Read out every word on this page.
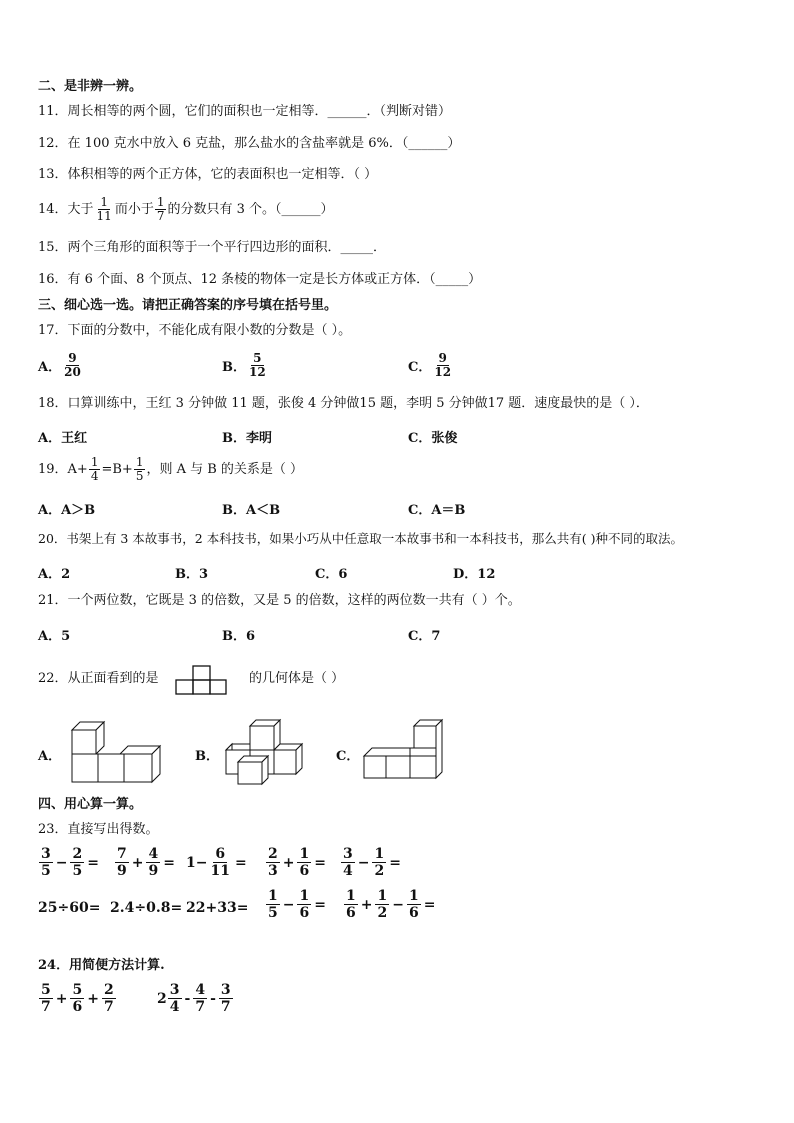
二、是非辨一辨。
11．周长相等的两个圆，它们的面积也一定相等．______．（判断对错）
12．在 100 克水中放入 6 克盐，那么盐水的含盐率就是 6%．（______）
13．体积相等的两个正方体，它的表面积也一定相等．（ ）
14．大于 $\frac{1}{11}$ 而小于 $\frac{1}{7}$ 的分数只有 3 个。（______）
15．两个三角形的面积等于一个平行四边形的面积．_____．
16．有 6 个面、8 个顶点、12 条棱的物体一定是长方体或正方体．（_____）
三、细心选一选。请把正确答案的序号填在括号里。
17．下面的分数中，不能化成有限小数的分数是（ ）。
A． $\frac{9}{20}$	B． $\frac{5}{12}$	C． $\frac{9}{12}$
18．口算训练中，王红 3 分钟做 11 题，张俊 4 分钟做15 题，李明 5 分钟做17 题．速度最快的是（ ）．
A．王红	B．李明	C．张俊
19．$A+ \frac{1}{4} =B+ \frac{1}{5}$ ，则 A 与 B 的关系是（ ）
A．A＞B	B．A＜B	C．A＝B
20．书架上有 3 本故事书，2 本科技书，如果小巧从中任意取一本故事书和一本科技书，那么共有( )种不同的取法。
A．2	B．3	C．6	D．12
21．一个两位数，它既是 3 的倍数，又是 5 的倍数，这样的两位数一共有（ ）个。
A．5	B．6	C．7
22．从正面看到的是	的几何体是（ ）
A．	B．	C．
四、用心算一算。
23．直接写出得数。
$\frac{3}{5} - \frac{2}{5} = \frac{7}{9} + \frac{4}{9} = 1- \frac{6}{11} = \frac{2}{3} + \frac{1}{6} = \frac{3}{4} - \frac{1}{2}$ =
$25\div 60= 2.4\div 0.8= 22+33= \frac{1}{5} - \frac{1}{6} = \frac{1}{6} + \frac{1}{2} - \frac{1}{6}$ =
24．用简便方法计算.
$\frac{5}{7} + \frac{5}{6} + \frac{2}{7}$	$2 \frac{3}{4} - \frac{4}{7} - \frac{3}{7}$
